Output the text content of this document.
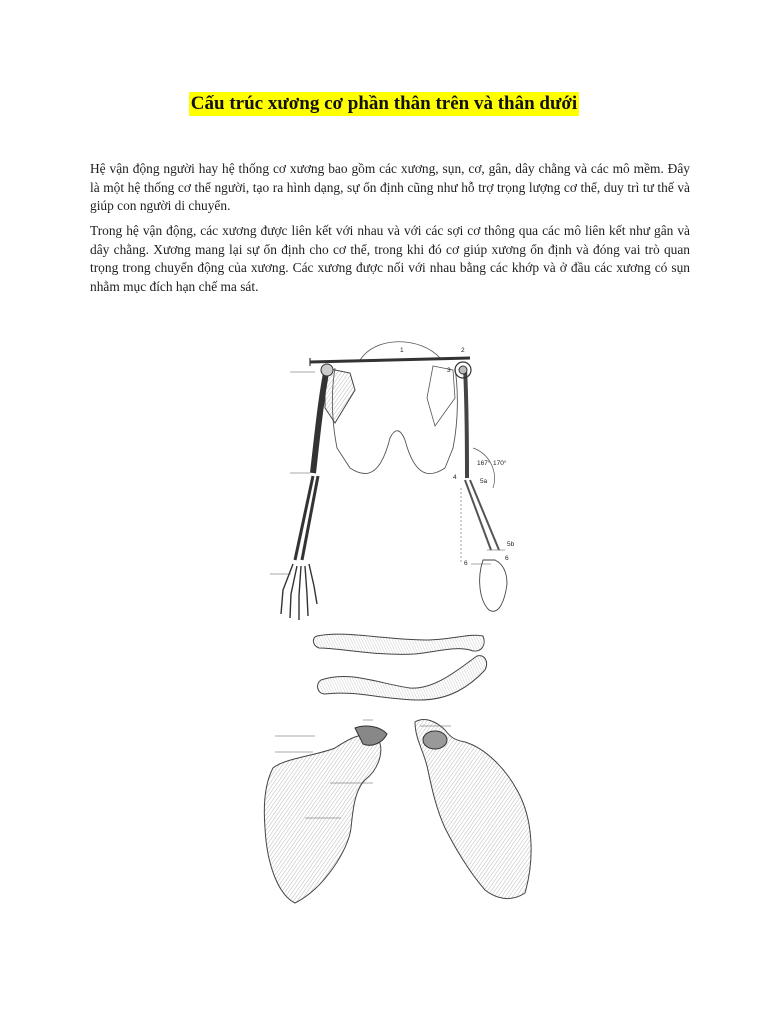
Cấu trúc xương cơ phần thân trên và thân dưới

Hệ vận động người hay hệ thống cơ xương bao gồm các xương, sụn, cơ, gân, dây chằng và các mô mềm. Đây là một hệ thống cơ thể người, tạo ra hình dạng, sự ổn định cũng như hỗ trợ trọng lượng cơ thể, duy trì tư thế và giúp con người di chuyển.

Trong hệ vận động, các xương được liên kết với nhau và với các sợi cơ thông qua các mô liên kết như gân và dây chằng. Xương mang lại sự ổn định cho cơ thể, trong khi đó cơ giúp xương ổn định và đóng vai trò quan trọng trong chuyển động của xương. Các xương được nối với nhau bằng các khớp và ở đầu các xương có sụn nhằm mục đích hạn chế ma sát.

1	2
3
4
167° 170°
5a
5b
6
6
